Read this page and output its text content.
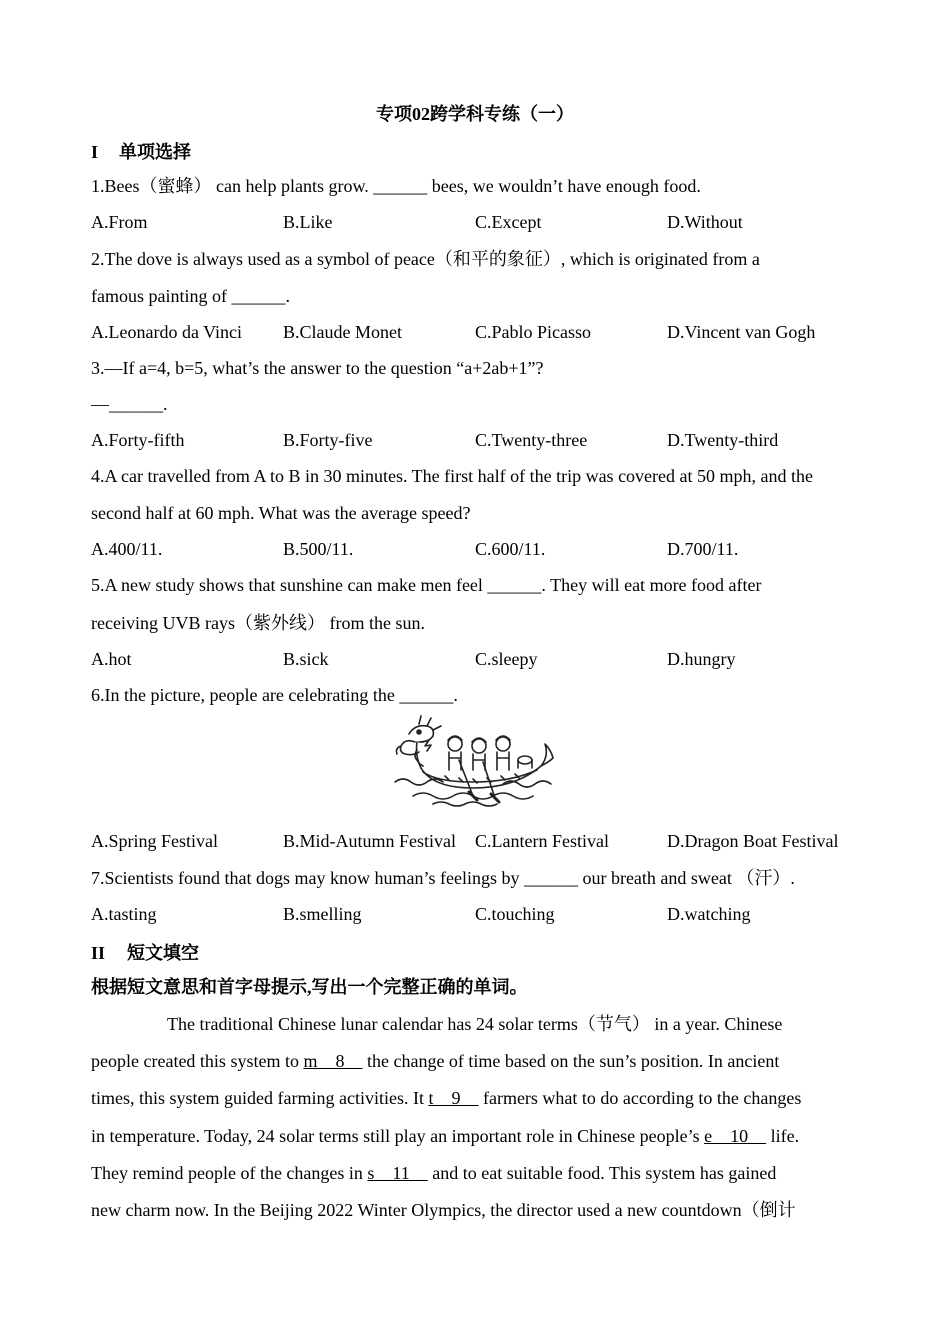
专项02跨学科专练（一）
I 单项选择
1.Bees（蜜蜂） can help plants grow. ______ bees, we wouldn’t have enough food.
A.From	B.Like	C.Except	D.Without
2.The dove is always used as a symbol of peace（和平的象征）, which is originated from a
famous painting of ______.
A.Leonardo da Vinci B.Claude Monet	C.Pablo Picasso	D.Vincent van Gogh
3.—If a=4, b=5, what’s the answer to the question “a+2ab+1”?
—______.
A.Forty-fifth	B.Forty-five	C.Twenty-three	D.Twenty-third
4.A car travelled from A to B in 30 minutes. The first half of the trip was covered at 50 mph, and the
second half at 60 mph. What was the average speed?
A.400/11.	B.500/11.	C.600/11.	D.700/11.
5.A new study shows that sunshine can make men feel ______. They will eat more food after
receiving UVB rays（紫外线） from the sun.
A.hot	B.sick	C.sleepy	D.hungry
6.In the picture, people are celebrating the ______.
A.Spring Festival	B.Mid-Autumn Festival C.Lantern Festival	D.Dragon Boat Festival
7.Scientists found that dogs may know human’s feelings by ______ our breath and sweat （汗）.
A.tasting	B.smelling	C.touching	D.watching
II 短文填空
根据短文意思和首字母提示,写出一个完整正确的单词。
The traditional Chinese lunar calendar has 24 solar terms（节气） in a year. Chinese
people created this system to m    8     the change of time based on the sun’s position. In ancient
times, this system guided farming activities. It t    9     farmers what to do according to the changes
in temperature. Today, 24 solar terms still play an important role in Chinese people’s e    10     life.
They remind people of the changes in s    11     and to eat suitable food. This system has gained
new charm now. In the Beijing 2022 Winter Olympics, the director used a new countdown（倒计
